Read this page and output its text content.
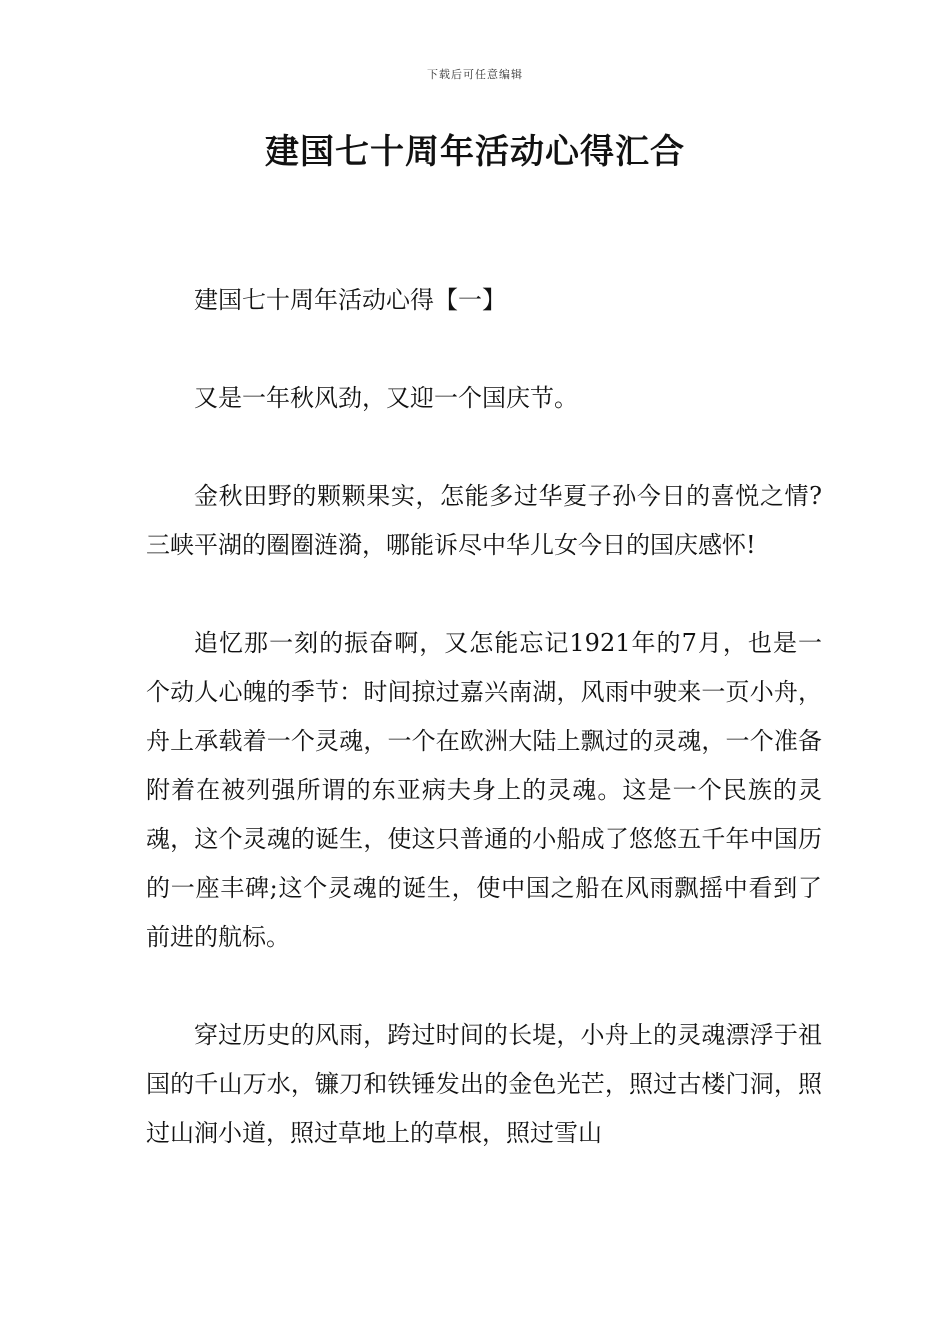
下载后可任意编辑
建国七十周年活动心得汇合

建国七十周年活动心得【一】

又是一年秋风劲，又迎一个国庆节。

金秋田野的颗颗果实，怎能多过华夏子孙今日的喜悦之情?三峡平湖的圈圈涟漪，哪能诉尽中华儿女今日的国庆感怀!

追忆那一刻的振奋啊，又怎能忘记1921年的7月，也是一个动人心魄的季节：时间掠过嘉兴南湖，风雨中驶来一页小舟，舟上承载着一个灵魂，一个在欧洲大陆上飘过的灵魂，一个准备附着在被列强所谓的东亚病夫身上的灵魂。这是一个民族的灵魂，这个灵魂的诞生，使这只普通的小船成了悠悠五千年中国历的一座丰碑;这个灵魂的诞生，使中国之船在风雨飘摇中看到了前进的航标。

穿过历史的风雨，跨过时间的长堤，小舟上的灵魂漂浮于祖国的千山万水，镰刀和铁锤发出的金色光芒，照过古楼门洞，照过山涧小道，照过草地上的草根，照过雪山
